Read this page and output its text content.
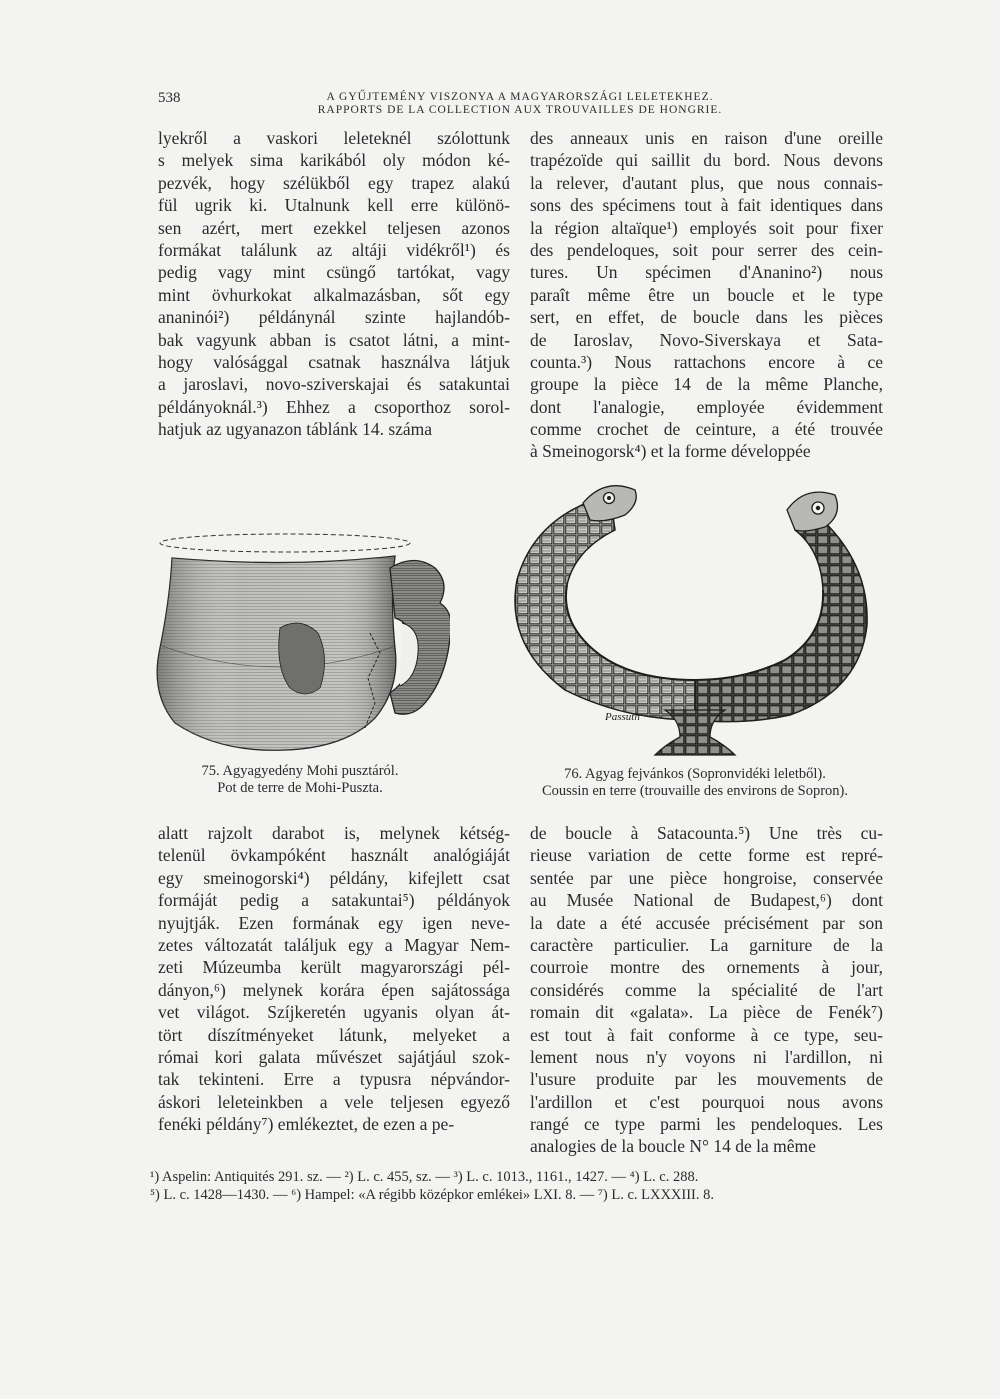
538	A GYŰJTEMÉNY VISZONYA A MAGYARORSZÁGI LELETEKHEZ.
RAPPORTS DE LA COLLECTION AUX TROUVAILLES DE HONGRIE.
lyekről a vaskori leleteknél szólottunk
s melyek sima karikából oly módon ké-
pezvék, hogy szélükből egy trapez alakú
fül ugrik ki. Utalnunk kell erre különö-
sen azért, mert ezekkel teljesen azonos
formákat találunk az altáji vidékről¹) és
pedig vagy mint csüngő tartókat, vagy
mint övhurkokat alkalmazásban, sőt egy
ananinói²) példánynál szinte hajlandób-
bak vagyunk abban is csatot látni, a mint-
hogy valósággal csatnak használva látjuk
a jaroslavi, novo-sziverskajai és satakuntai
példányoknál.³) Ehhez a csoporthoz sorol-
hatjuk az ugyanazon táblánk 14. száma
des anneaux unis en raison d'une oreille
trapézoïde qui saillit du bord. Nous devons
la relever, d'autant plus, que nous connais-
sons des spécimens tout à fait identiques dans
la région altaïque¹) employés soit pour fixer
des pendeloques, soit pour serrer des cein-
tures. Un spécimen d'Ananino²) nous
paraît même être un boucle et le type
sert, en effet, de boucle dans les pièces
de Iaroslav, Novo-Siverskaya et Sata-
counta.³) Nous rattachons encore à ce
groupe la pièce 14 de la même Planche,
dont l'analogie, employée évidemment
comme crochet de ceinture, a été trouvée
à Smeinogorsk⁴) et la forme développée
75. Agyagyedény Mohi pusztáról.
Pot de terre de Mohi-Puszta.
Passuth
76. Agyag fejvánkos (Sopronvidéki leletből).
Coussin en terre (trouvaille des environs de Sopron).
alatt rajzolt darabot is, melynek kétség-
telenül övkampóként használt analógiáját
egy smeinogorski⁴) példány, kifejlett csat
formáját pedig a satakuntai⁵) példányok
nyujtják. Ezen formának egy igen neve-
zetes változatát találjuk egy a Magyar Nem-
zeti Múzeumba került magyarországi pél-
dányon,⁶) melynek korára épen sajátossága
vet világot. Szíjkeretén ugyanis olyan át-
tört díszítményeket látunk, melyeket a
római kori galata művészet sajátjául szok-
tak tekinteni. Erre a typusra népvándor-
áskori leleteinkben a vele teljesen egyező
fenéki példány⁷) emlékeztet, de ezen a pe-
de boucle à Satacounta.⁵) Une très cu-
rieuse variation de cette forme est repré-
sentée par une pièce hongroise, conservée
au Musée National de Budapest,⁶) dont
la date a été accusée précisément par son
caractère particulier. La garniture de la
courroie montre des ornements à jour,
considérés comme la spécialité de l'art
romain dit «galata». La pièce de Fenék⁷)
est tout à fait conforme à ce type, seu-
lement nous n'y voyons ni l'ardillon, ni
l'usure produite par les mouvements de
l'ardillon et c'est pourquoi nous avons
rangé ce type parmi les pendeloques. Les
analogies de la boucle N° 14 de la même
¹) Aspelin: Antiquités 291. sz. — ²) L. c. 455, sz. — ³) L. c. 1013., 1161., 1427. — ⁴) L. c. 288.
⁵) L. c. 1428—1430. — ⁶) Hampel: «A régibb középkor emlékei» LXI. 8. — ⁷) L. c. LXXXIII. 8.
